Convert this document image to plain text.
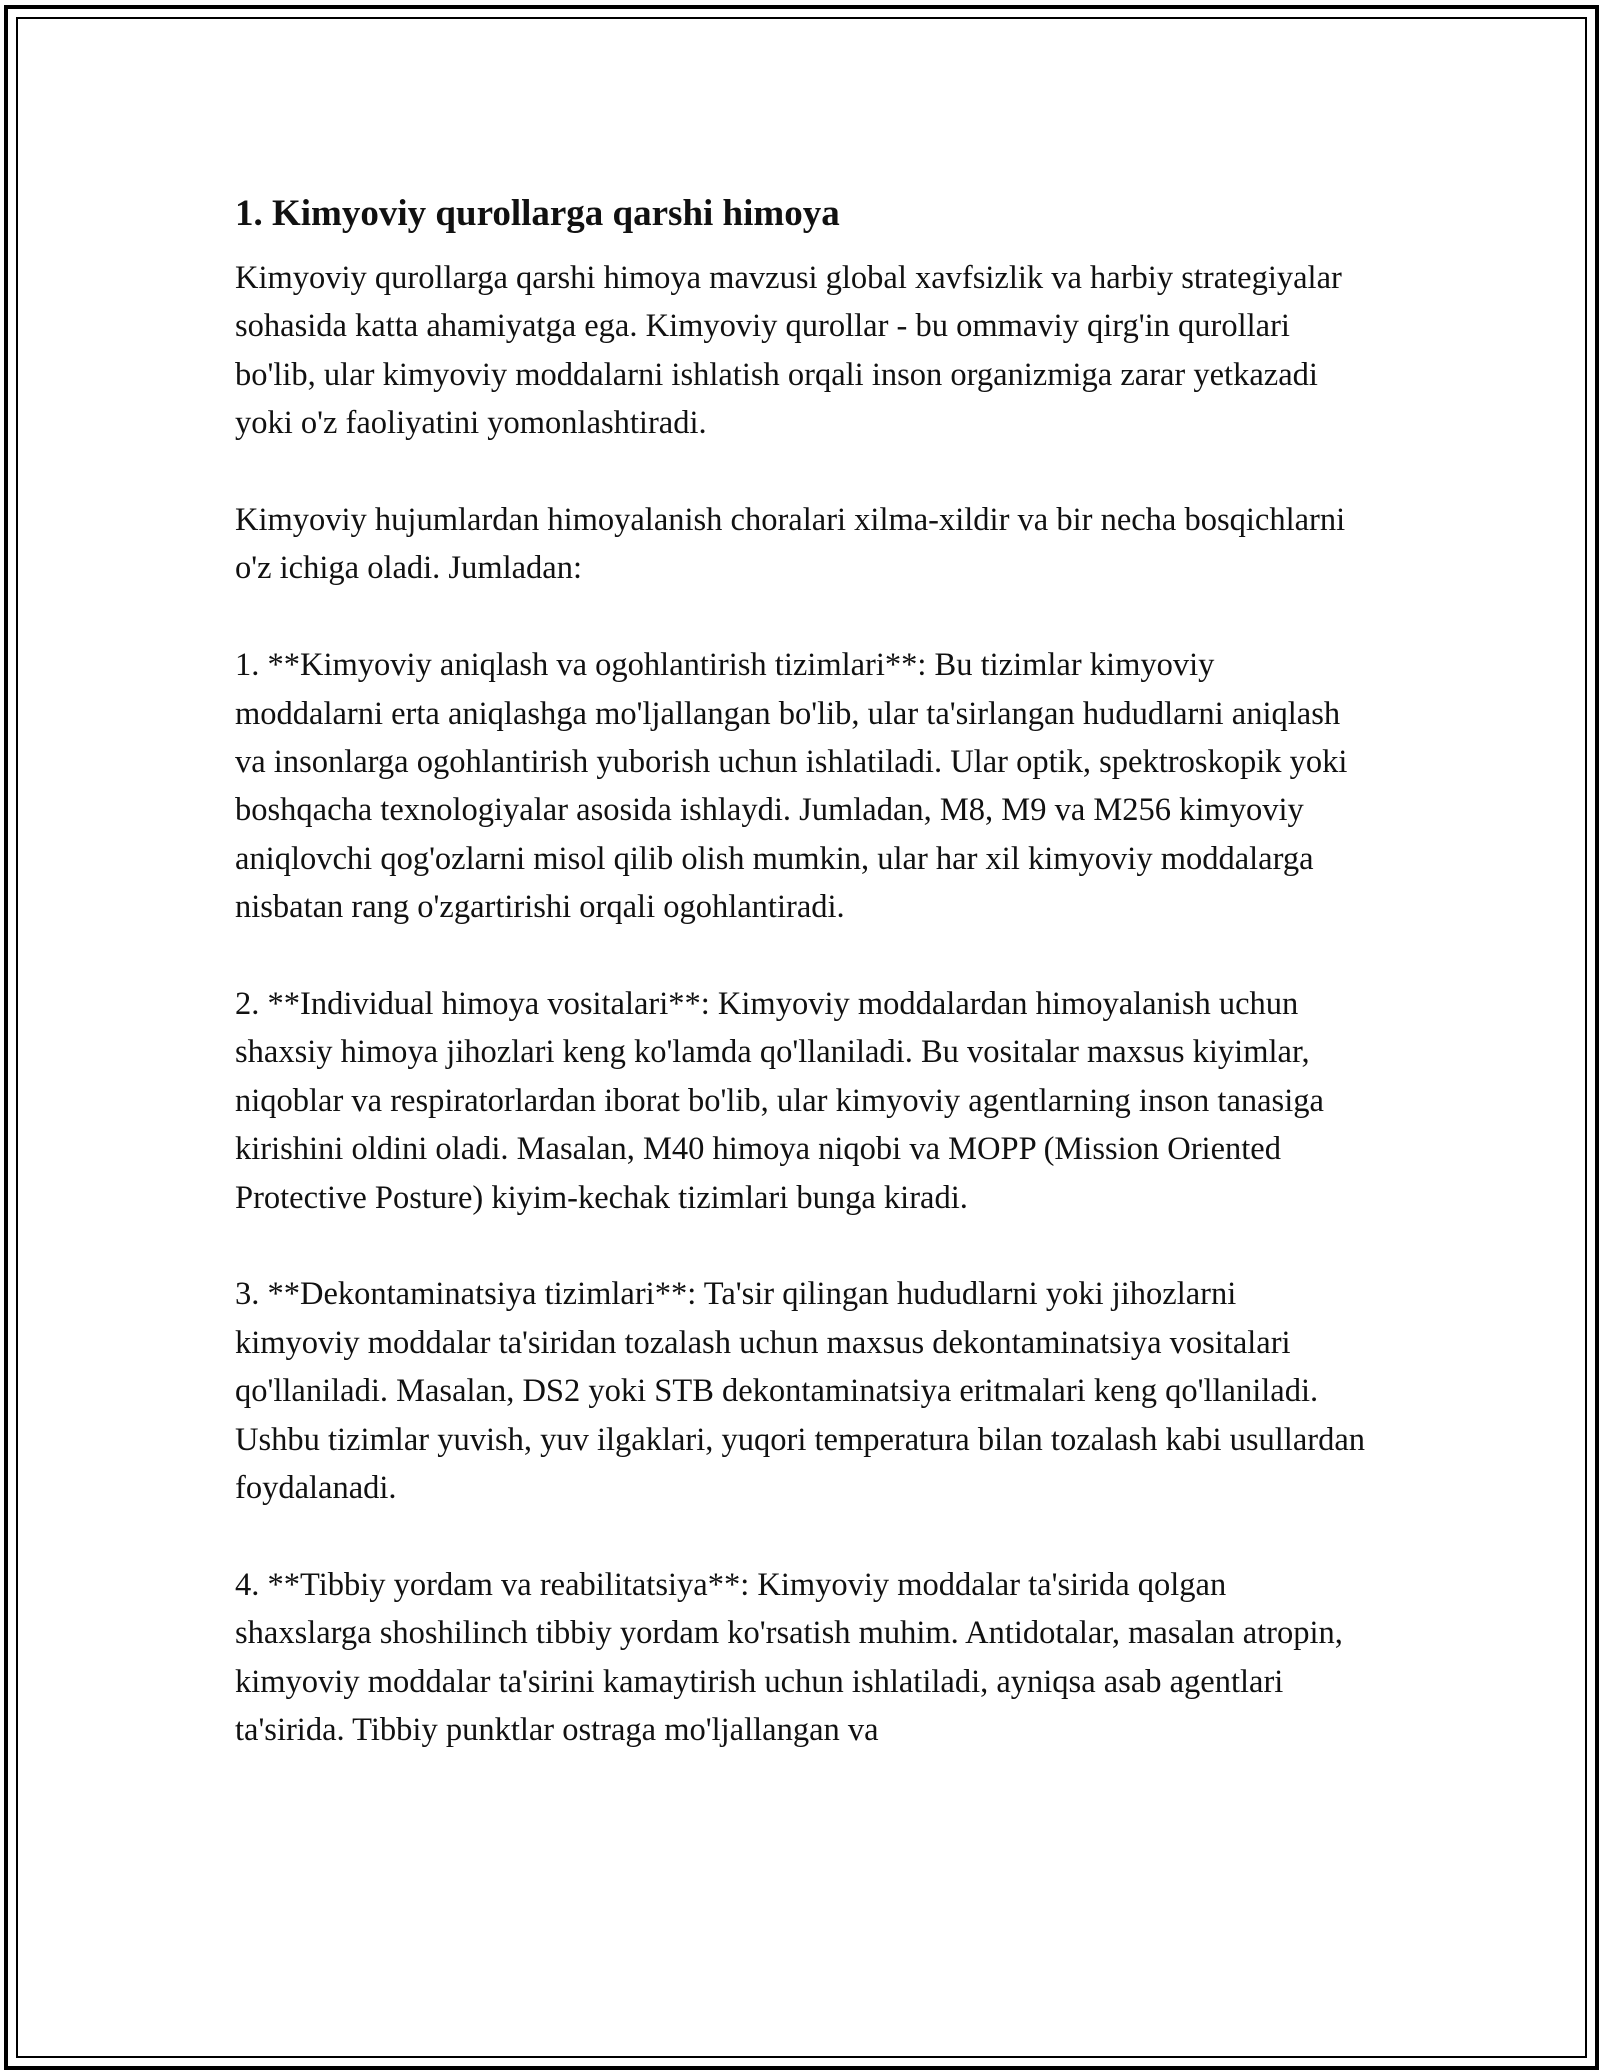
1. Kimyoviy qurollarga qarshi himoya

Kimyoviy qurollarga qarshi himoya mavzusi global xavfsizlik va harbiy strategiyalar sohasida katta ahamiyatga ega. Kimyoviy qurollar - bu ommaviy qirg'in qurollari bo'lib, ular kimyoviy moddalarni ishlatish orqali inson organizmiga zarar yetkazadi yoki o'z faoliyatini yomonlashtiradi.

Kimyoviy hujumlardan himoyalanish choralari xilma-xildir va bir necha bosqichlarni o'z ichiga oladi. Jumladan:

1. **Kimyoviy aniqlash va ogohlantirish tizimlari**: Bu tizimlar kimyoviy moddalarni erta aniqlashga mo'ljallangan bo'lib, ular ta'sirlangan hududlarni aniqlash va insonlarga ogohlantirish yuborish uchun ishlatiladi. Ular optik, spektroskopik yoki boshqacha texnologiyalar asosida ishlaydi. Jumladan, M8, M9 va M256 kimyoviy aniqlovchi qog'ozlarni misol qilib olish mumkin, ular har xil kimyoviy moddalarga nisbatan rang o'zgartirishi orqali ogohlantiradi.

2. **Individual himoya vositalari**: Kimyoviy moddalardan himoyalanish uchun shaxsiy himoya jihozlari keng ko'lamda qo'llaniladi. Bu vositalar maxsus kiyimlar, niqoblar va respiratorlardan iborat bo'lib, ular kimyoviy agentlarning inson tanasiga kirishini oldini oladi. Masalan, M40 himoya niqobi va MOPP (Mission Oriented Protective Posture) kiyim-kechak tizimlari bunga kiradi.

3. **Dekontaminatsiya tizimlari**: Ta'sir qilingan hududlarni yoki jihozlarni kimyoviy moddalar ta'siridan tozalash uchun maxsus dekontaminatsiya vositalari qo'llaniladi. Masalan, DS2 yoki STB dekontaminatsiya eritmalari keng qo'llaniladi. Ushbu tizimlar yuvish, yuv ilgaklari, yuqori temperatura bilan tozalash kabi usullardan foydalanadi.

4. **Tibbiy yordam va reabilitatsiya**: Kimyoviy moddalar ta'sirida qolgan shaxslarga shoshilinch tibbiy yordam ko'rsatish muhim. Antidotalar, masalan atropin, kimyoviy moddalar ta'sirini kamaytirish uchun ishlatiladi, ayniqsa asab agentlari ta'sirida. Tibbiy punktlar ostraga mo'ljallangan va
